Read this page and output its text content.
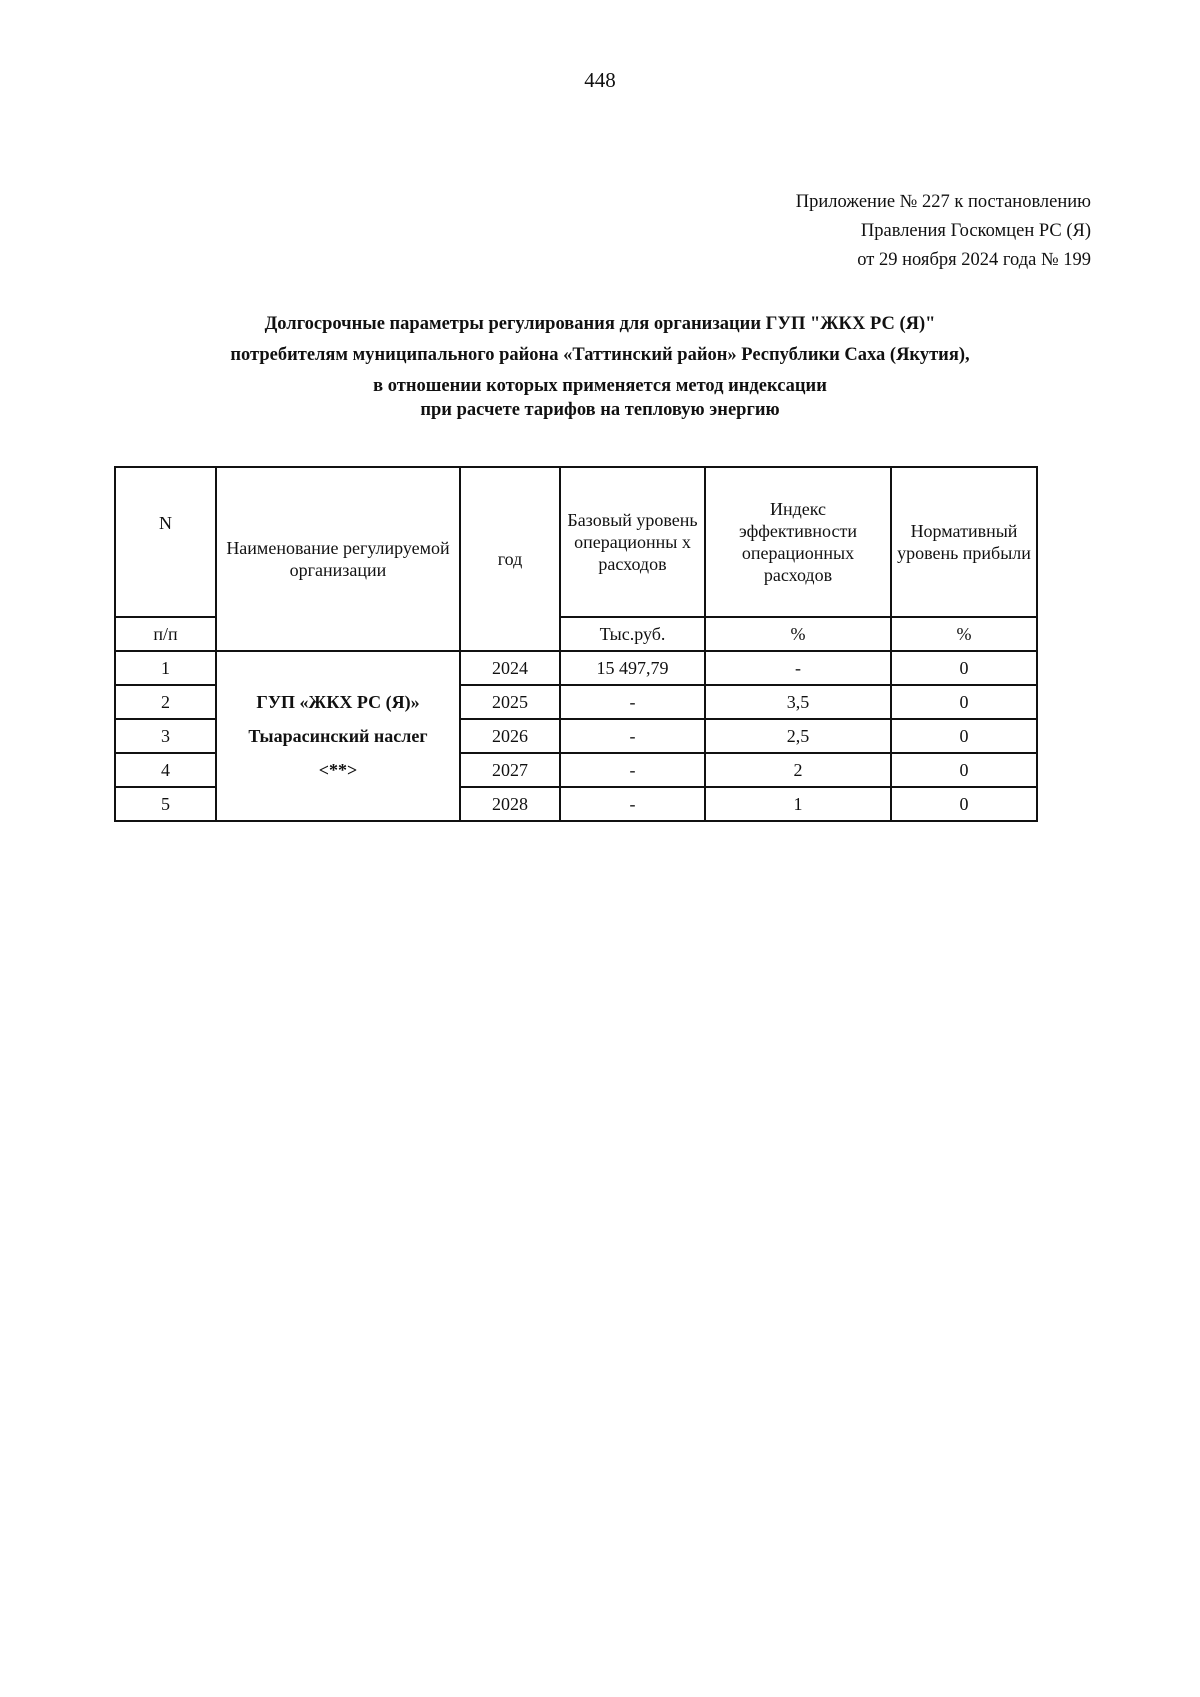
448
Приложение № 227 к постановлению
Правления Госкомцен РС (Я)
от 29 ноября 2024 года № 199
Долгосрочные параметры регулирования для организации ГУП "ЖКХ РС (Я)"
потребителям муниципального района «Таттинский район» Республики Саха (Якутия),
в отношении которых применяется метод индексации
при расчете тарифов на тепловую энергию
N	Наименование регулируемой организации	год	Базовый уровень операционны х расходов	Индекс эффективности операционных расходов	Нормативный уровень прибыли
п/п			Тыс.руб.	%	%
1	ГУП «ЖКХ РС (Я)»
Тыарасинский наслег
<**>	2024	15 497,79	-	0
2		2025	-	3,5	0
3		2026	-	2,5	0
4		2027	-	2	0
5		2028	-	1	0
